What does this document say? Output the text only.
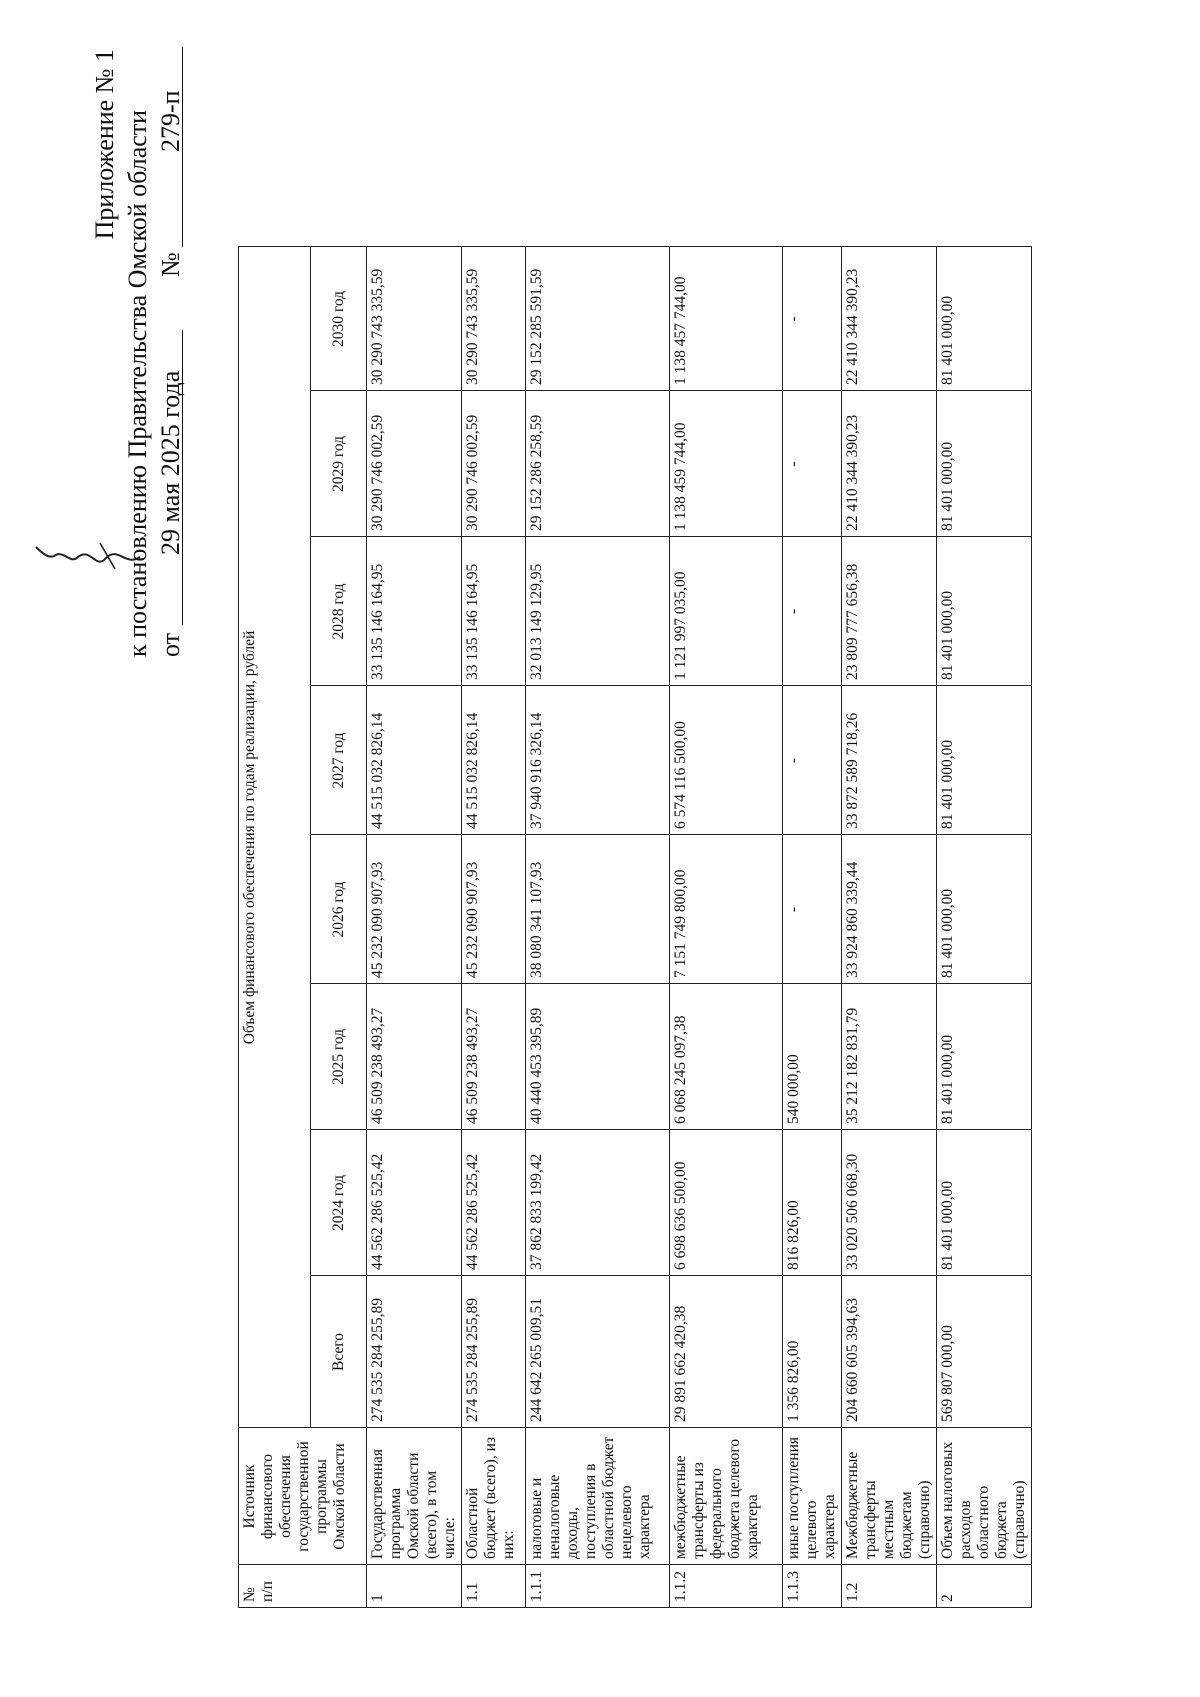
Приложение № 1 к постановлению Правительства Омской области от
29 мая 2025 года
№
279-п
№ п/п	Источник финансового обеспечения государственной программы Омской области	Объем финансового обеспечения по годам реализации, рублей							
		Всего	2024 год	2025 год	2026 год	2027 год	2028 год	2029 год	2030 год
1	Государственная программа Омской области (всего), в том числе:	274 535 284 255,89	44 562 286 525,42	46 509 238 493,27	45 232 090 907,93	44 515 032 826,14	33 135 146 164,95	30 290 746 002,59	30 290 743 335,59
1.1	Областной бюджет (всего), из них:	274 535 284 255,89	44 562 286 525,42	46 509 238 493,27	45 232 090 907,93	44 515 032 826,14	33 135 146 164,95	30 290 746 002,59	30 290 743 335,59
1.1.1	налоговые и неналоговые доходы, поступления в областной бюджет нецелевого характера	244 642 265 009,51	37 862 833 199,42	40 440 453 395,89	38 080 341 107,93	37 940 916 326,14	32 013 149 129,95	29 152 286 258,59	29 152 285 591,59
1.1.2	межбюджетные трансферты из федерального бюджета целевого характера	29 891 662 420,38	6 698 636 500,00	6 068 245 097,38	7 151 749 800,00	6 574 116 500,00	1 121 997 035,00	1 138 459 744,00	1 138 457 744,00
1.1.3	иные поступления целевого характера	1 356 826,00	816 826,00	540 000,00	-	-	-	-	-
1.2	Межбюджетные трансферты местным бюджетам (справочно)	204 660 605 394,63	33 020 506 068,30	35 212 182 831,79	33 924 860 339,44	33 872 589 718,26	23 809 777 656,38	22 410 344 390,23	22 410 344 390,23
2	Объем налоговых расходов областного бюджета (справочно)	569 807 000,00	81 401 000,00	81 401 000,00	81 401 000,00	81 401 000,00	81 401 000,00	81 401 000,00	81 401 000,00
